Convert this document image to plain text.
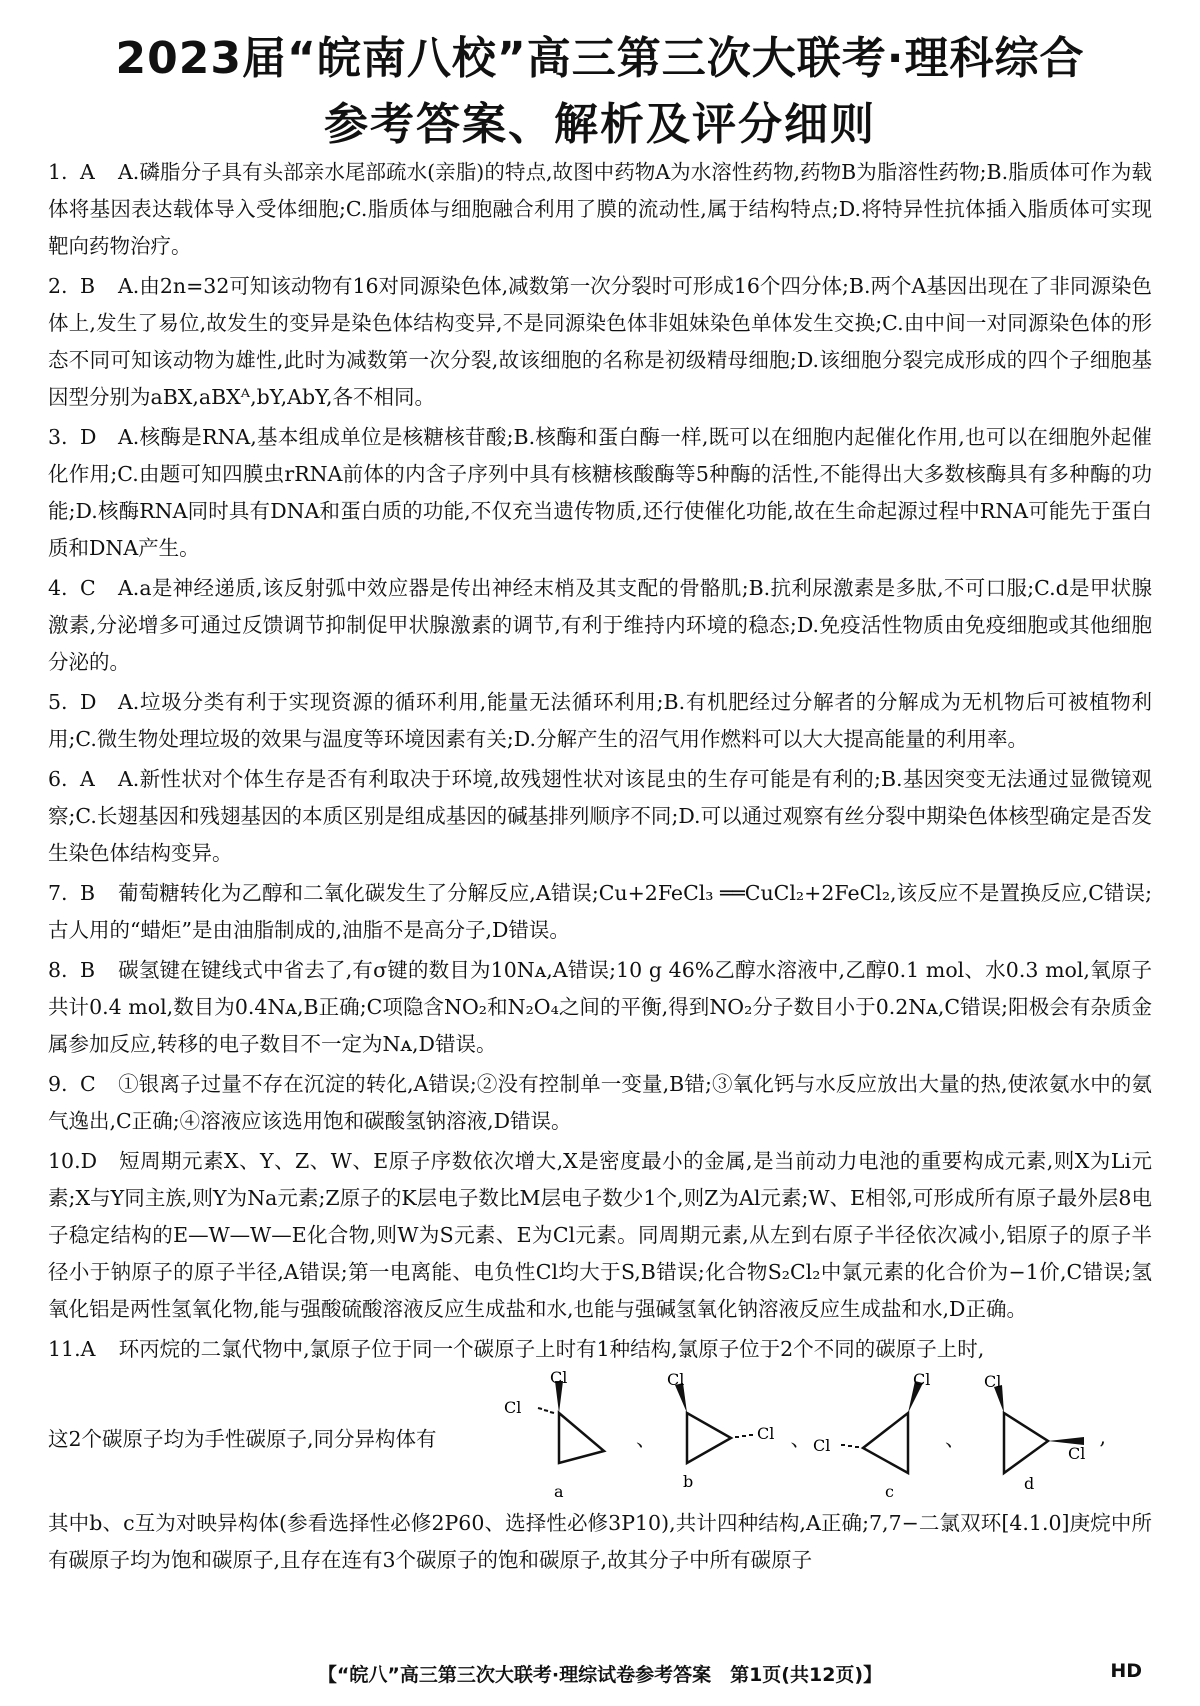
2023届“皖南八校”高三第三次大联考·理科综合
参考答案、解析及评分细则
1. A A.磷脂分子具有头部亲水尾部疏水(亲脂)的特点,故图中药物A为水溶性药物,药物B为脂溶性药物;B.脂质体可作为载体将基因表达载体导入受体细胞;C.脂质体与细胞融合利用了膜的流动性,属于结构特点;D.将特异性抗体插入脂质体可实现靶向药物治疗。
2. B A.由2n=32可知该动物有16对同源染色体,减数第一次分裂时可形成16个四分体;B.两个A基因出现在了非同源染色体上,发生了易位,故发生的变异是染色体结构变异,不是同源染色体非姐妹染色单体发生交换;C.由中间一对同源染色体的形态不同可知该动物为雄性,此时为减数第一次分裂,故该细胞的名称是初级精母细胞;D.该细胞分裂完成形成的四个子细胞基因型分别为aBX,aBXᴬ,bY,AbY,各不相同。
3. D A.核酶是RNA,基本组成单位是核糖核苷酸;B.核酶和蛋白酶一样,既可以在细胞内起催化作用,也可以在细胞外起催化作用;C.由题可知四膜虫rRNA前体的内含子序列中具有核糖核酸酶等5种酶的活性,不能得出大多数核酶具有多种酶的功能;D.核酶RNA同时具有DNA和蛋白质的功能,不仅充当遗传物质,还行使催化功能,故在生命起源过程中RNA可能先于蛋白质和DNA产生。
4. C A.a是神经递质,该反射弧中效应器是传出神经末梢及其支配的骨骼肌;B.抗利尿激素是多肽,不可口服;C.d是甲状腺激素,分泌增多可通过反馈调节抑制促甲状腺激素的调节,有利于维持内环境的稳态;D.免疫活性物质由免疫细胞或其他细胞分泌的。
5. D A.垃圾分类有利于实现资源的循环利用,能量无法循环利用;B.有机肥经过分解者的分解成为无机物后可被植物利用;C.微生物处理垃圾的效果与温度等环境因素有关;D.分解产生的沼气用作燃料可以大大提高能量的利用率。
6. A A.新性状对个体生存是否有利取决于环境,故残翅性状对该昆虫的生存可能是有利的;B.基因突变无法通过显微镜观察;C.长翅基因和残翅基因的本质区别是组成基因的碱基排列顺序不同;D.可以通过观察有丝分裂中期染色体核型确定是否发生染色体结构变异。
7. B 葡萄糖转化为乙醇和二氧化碳发生了分解反应,A错误;Cu+2FeCl₃ ══CuCl₂+2FeCl₂,该反应不是置换反应,C错误;古人用的“蜡炬”是由油脂制成的,油脂不是高分子,D错误。
8. B 碳氢键在键线式中省去了,有σ键的数目为10Nᴀ,A错误;10 g 46%乙醇水溶液中,乙醇0.1 mol、水0.3 mol,氧原子共计0.4 mol,数目为0.4Nᴀ,B正确;C项隐含NO₂和N₂O₄之间的平衡,得到NO₂分子数目小于0.2Nᴀ,C错误;阳极会有杂质金属参加反应,转移的电子数目不一定为Nᴀ,D错误。
9. C ①银离子过量不存在沉淀的转化,A错误;②没有控制单一变量,B错;③氧化钙与水反应放出大量的热,使浓氨水中的氨气逸出,C正确;④溶液应该选用饱和碳酸氢钠溶液,D错误。
10.D 短周期元素X、Y、Z、W、E原子序数依次增大,X是密度最小的金属,是当前动力电池的重要构成元素,则X为Li元素;X与Y同主族,则Y为Na元素;Z原子的K层电子数比M层电子数少1个,则Z为Al元素;W、E相邻,可形成所有原子最外层8电子稳定结构的E—W—W—E化合物,则W为S元素、E为Cl元素。同周期元素,从左到右原子半径依次减小,铝原子的原子半径小于钠原子的原子半径,A错误;第一电离能、电负性Cl均大于S,B错误;化合物S₂Cl₂中氯元素的化合价为−1价,C错误;氢氧化铝是两性氢氧化物,能与强酸硫酸溶液反应生成盐和水,也能与强碱氢氧化钠溶液反应生成盐和水,D正确。
11.A 环丙烷的二氯代物中,氯原子位于同一个碳原子上时有1种结构,氯原子位于2个不同的碳原子上时,
这2个碳原子均为手性碳原子,同分异构体有
Cl
Cl
a
、
Cl
Cl
b
、
Cl
Cl
c
、
Cl
Cl
d
,
其中b、c互为对映异构体(参看选择性必修2P60、选择性必修3P10),共计四种结构,A正确;7,7−二氯双环[4.1.0]庚烷中所有碳原子均为饱和碳原子,且存在连有3个碳原子的饱和碳原子,故其分子中所有碳原子
【“皖八”高三第三次大联考·理综试卷参考答案　第1页(共12页)】	HD
